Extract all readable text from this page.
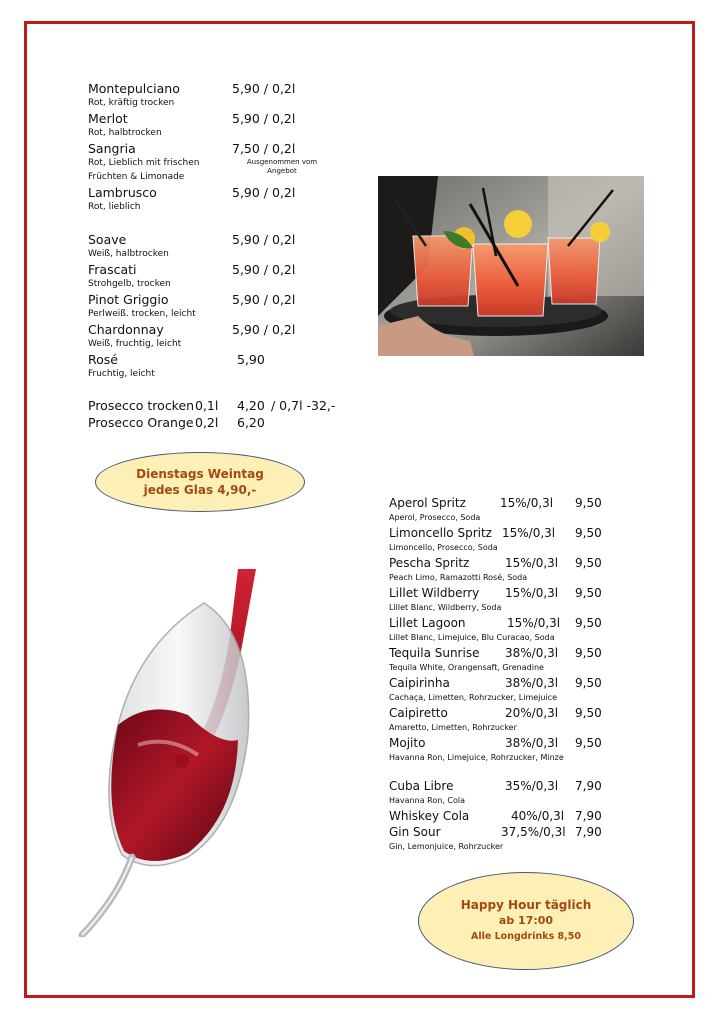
Montepulciano	5,90 / 0,2l
Rot, kräftig trocken
Merlot	5,90 / 0,2l
Rot, halbtrocken
Sangria	7,50 / 0,2l
Rot, Lieblich mit frischen
Früchten & Limonade
Ausgenommen vom
Angebot
Lambrusco	5,90 / 0,2l
Rot, lieblich
Soave	5,90 / 0,2l
Weiß, halbtrocken
Frascati	5,90 / 0,2l
Strohgelb, trocken
Pinot Griggio	5,90 / 0,2l
Perlweiß. trocken, leicht
Chardonnay	5,90 / 0,2l
Weiß, fruchtig, leicht
Rosé	5,90
Fruchtig, leicht
Prosecco trocken 0,1l 4,20 / 0,7l -32,-
Prosecco Orange 0,2l 6,20
Dienstags Weintag
jedes Glas 4,90,-
Aperol Spritz	15%/0,3l 9,50
Aperol, Prosecco, Soda
Limoncello Spritz 15%/0,3l 9,50
Limoncello, Prosecco, Soda
Pescha Spritz	15%/0,3l 9,50
Peach Limo, Ramazotti Rosé, Soda
Lillet Wildberry 15%/0,3l 9,50
Lillet Blanc, Wildberry, Soda
Lillet Lagoon	15%/0,3l 9,50
Lillet Blanc, Limejuice, Blu Curacao, Soda
Tequila Sunrise 38%/0,3l 9,50
Tequila White, Orangensaft, Grenadine
Caipirinha	38%/0,3l 9,50
Cachaça, Limetten, Rohrzucker, Limejuice
Caipiretto	20%/0,3l 9,50
Amaretto, Limetten, Rohrzucker
Mojito	38%/0,3l 9,50
Havanna Ron, Limejuice, Rohrzucker, Minze
Cuba Libre	35%/0,3l 7,90
Havanna Ron, Cola
Whiskey Cola	40%/0,3l 7,90
Gin Sour	37,5%/0,3l 7,90
Gin, Lemonjuice, Rohrzucker
Happy Hour täglich
ab 17:00
Alle Longdrinks 8,50
